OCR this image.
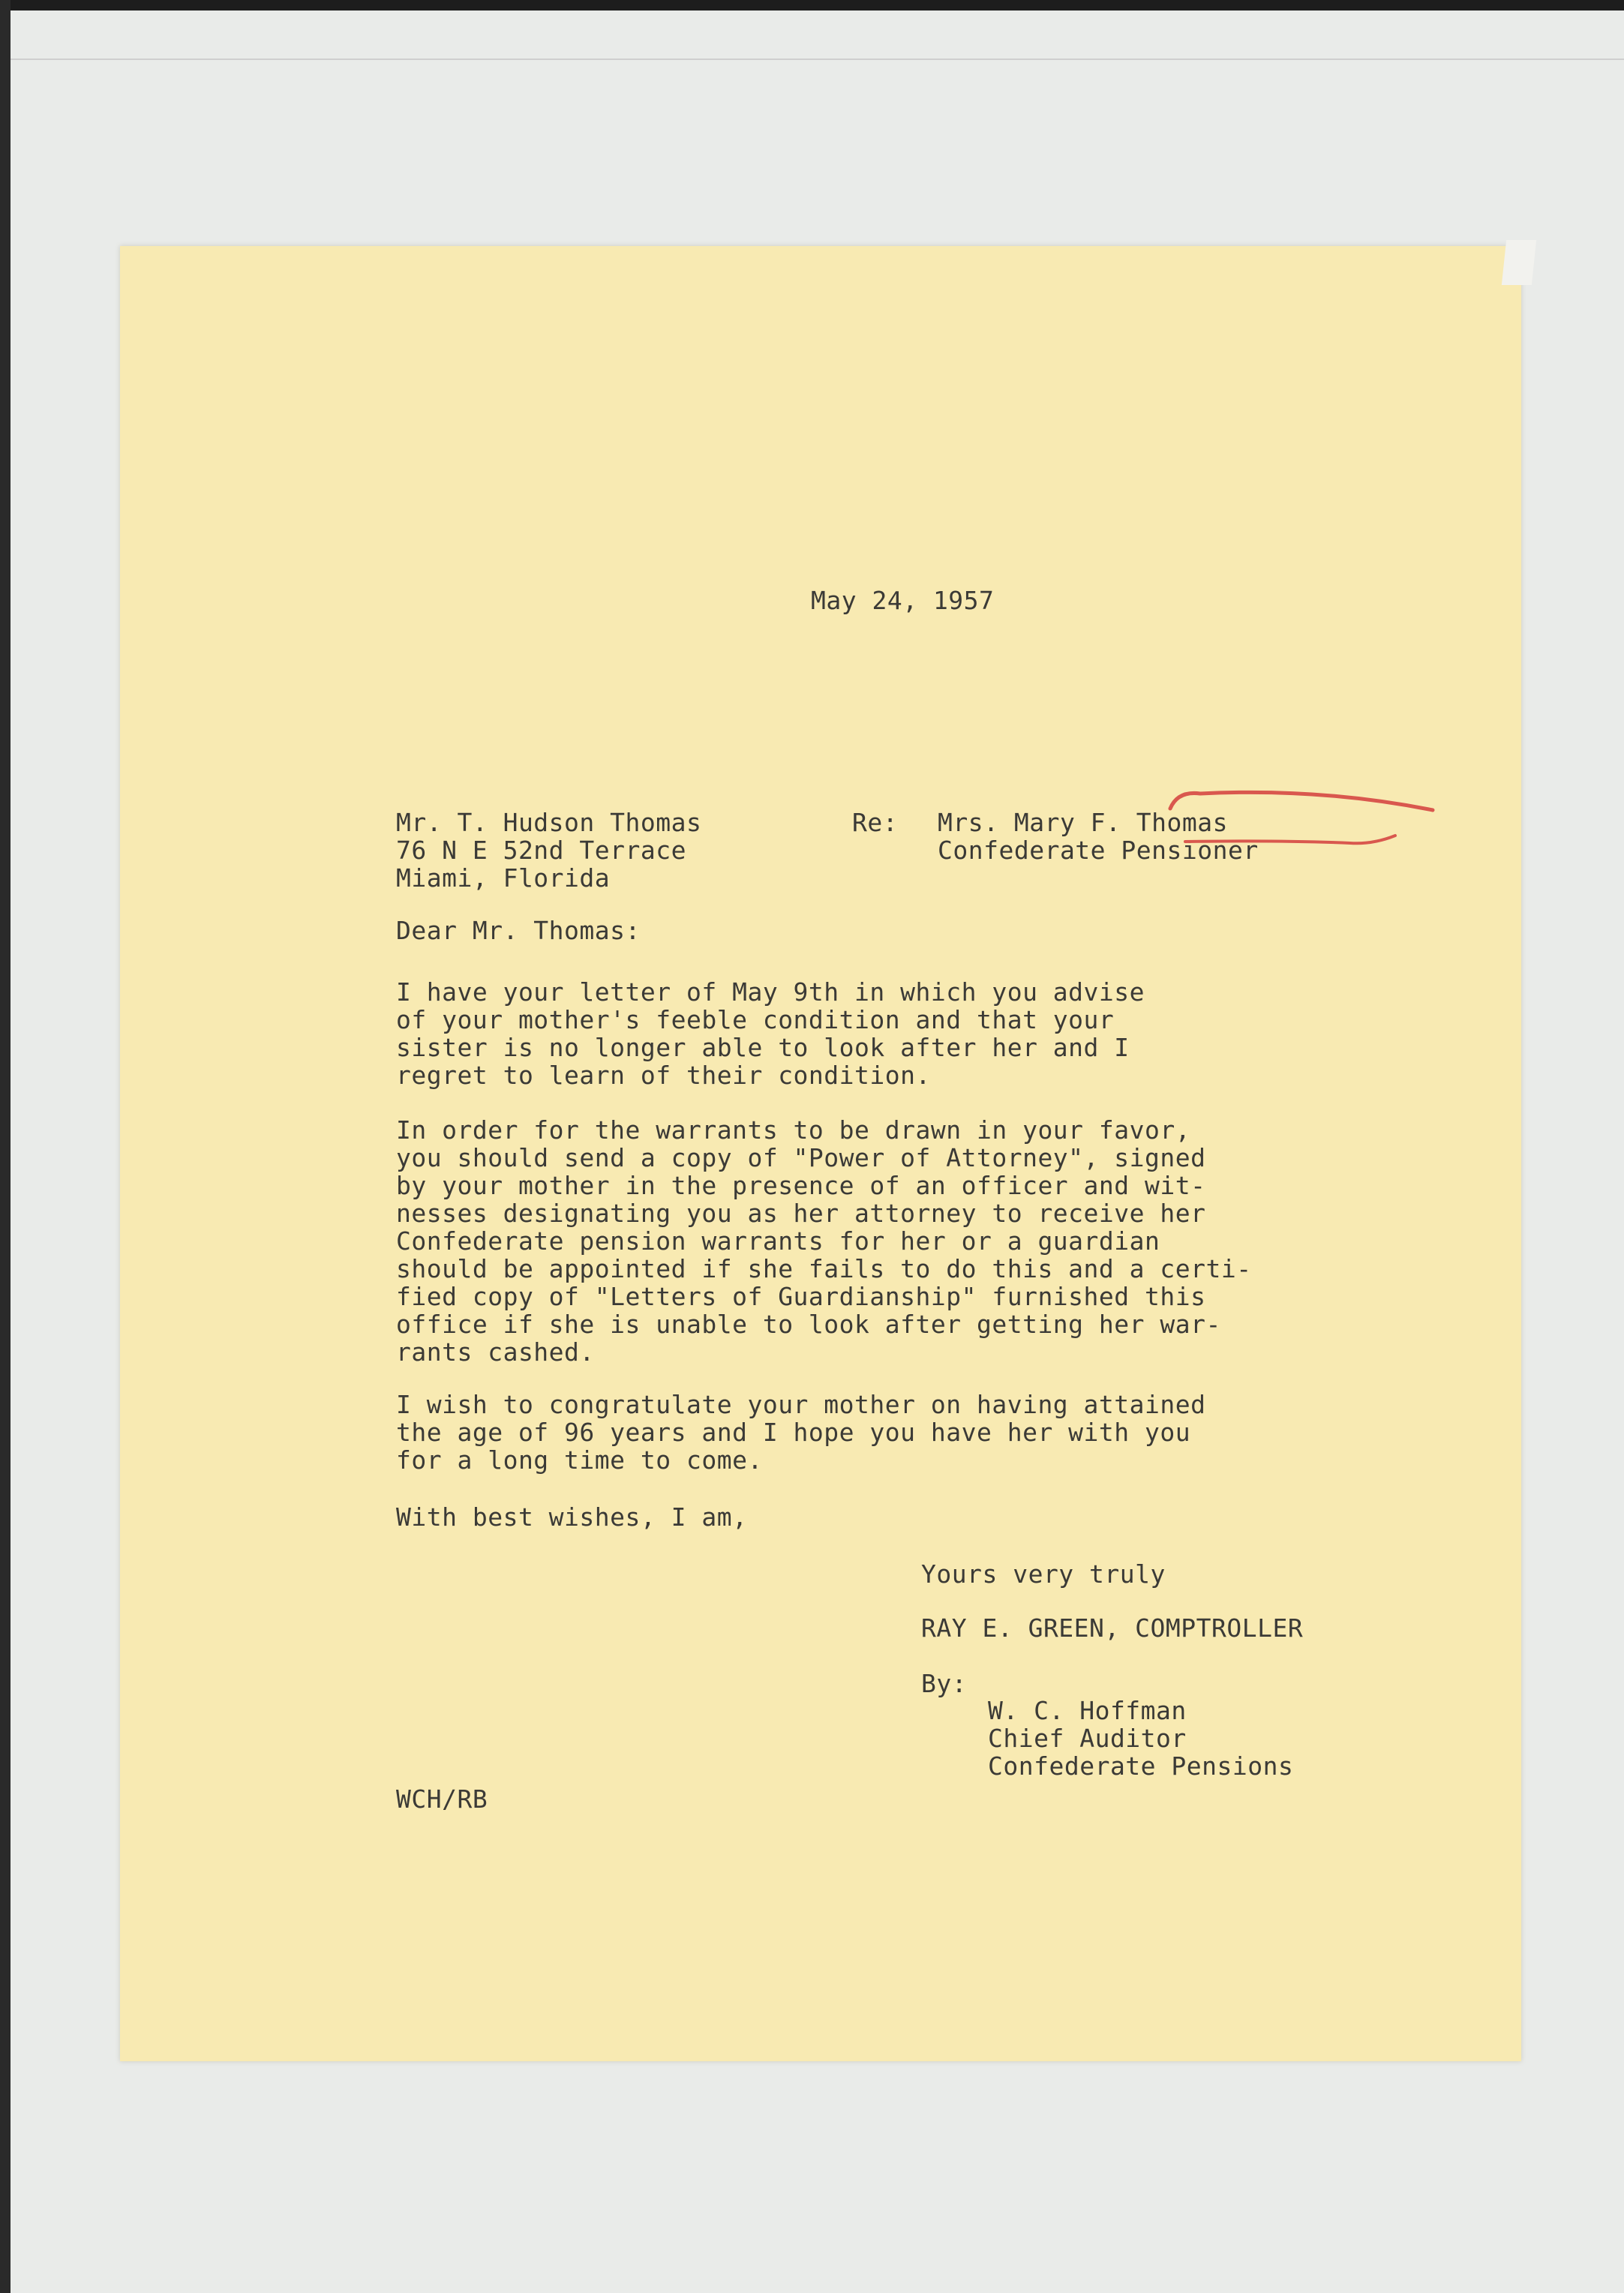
May 24, 1957
Mr. T. Hudson Thomas
76 N E 52nd Terrace
Miami, Florida
Re: Mrs. Mary F. Thomas
Confederate Pensioner
Dear Mr. Thomas:
I have your letter of May 9th in which you advise
of your mother's feeble condition and that your
sister is no longer able to look after her and I
regret to learn of their condition.
In order for the warrants to be drawn in your favor,
you should send a copy of "Power of Attorney", signed
by your mother in the presence of an officer and wit-
nesses designating you as her attorney to receive her
Confederate pension warrants for her or a guardian
should be appointed if she fails to do this and a certi-
fied copy of "Letters of Guardianship" furnished this
office if she is unable to look after getting her war-
rants cashed.
I wish to congratulate your mother on having attained
the age of 96 years and I hope you have her with you
for a long time to come.
With best wishes, I am,
Yours very truly
RAY E. GREEN, COMPTROLLER
By:
W. C. Hoffman
Chief Auditor
Confederate Pensions
WCH/RB
